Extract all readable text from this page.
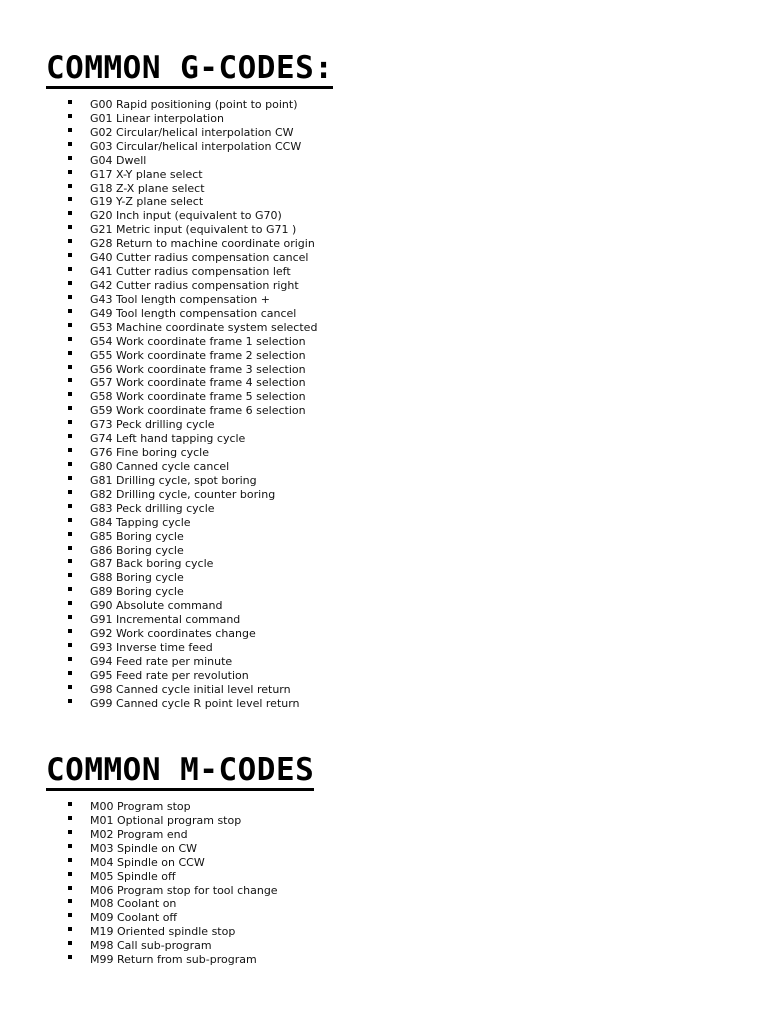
COMMON G-CODES:
G00 Rapid positioning (point to point)
G01 Linear interpolation
G02 Circular/helical interpolation CW
G03 Circular/helical interpolation CCW
G04 Dwell
G17 X-Y plane select
G18 Z-X plane select
G19 Y-Z plane select
G20 Inch input (equivalent to G70)
G21 Metric input (equivalent to G71 )
G28 Return to machine coordinate origin
G40 Cutter radius compensation cancel
G41 Cutter radius compensation left
G42 Cutter radius compensation right
G43 Tool length compensation +
G49 Tool length compensation cancel
G53 Machine coordinate system selected
G54 Work coordinate frame 1 selection
G55 Work coordinate frame 2 selection
G56 Work coordinate frame 3 selection
G57 Work coordinate frame 4 selection
G58 Work coordinate frame 5 selection
G59 Work coordinate frame 6 selection
G73 Peck drilling cycle
G74 Left hand tapping cycle
G76 Fine boring cycle
G80 Canned cycle cancel
G81 Drilling cycle, spot boring
G82 Drilling cycle, counter boring
G83 Peck drilling cycle
G84 Tapping cycle
G85 Boring cycle
G86 Boring cycle
G87 Back boring cycle
G88 Boring cycle
G89 Boring cycle
G90 Absolute command
G91 Incremental command
G92 Work coordinates change
G93 Inverse time feed
G94 Feed rate per minute
G95 Feed rate per revolution
G98 Canned cycle initial level return
G99 Canned cycle R point level return
COMMON M-CODES
M00 Program stop
M01 Optional program stop
M02 Program end
M03 Spindle on CW
M04 Spindle on CCW
M05 Spindle off
M06 Program stop for tool change
M08 Coolant on
M09 Coolant off
M19 Oriented spindle stop
M98 Call sub-program
M99 Return from sub-program
